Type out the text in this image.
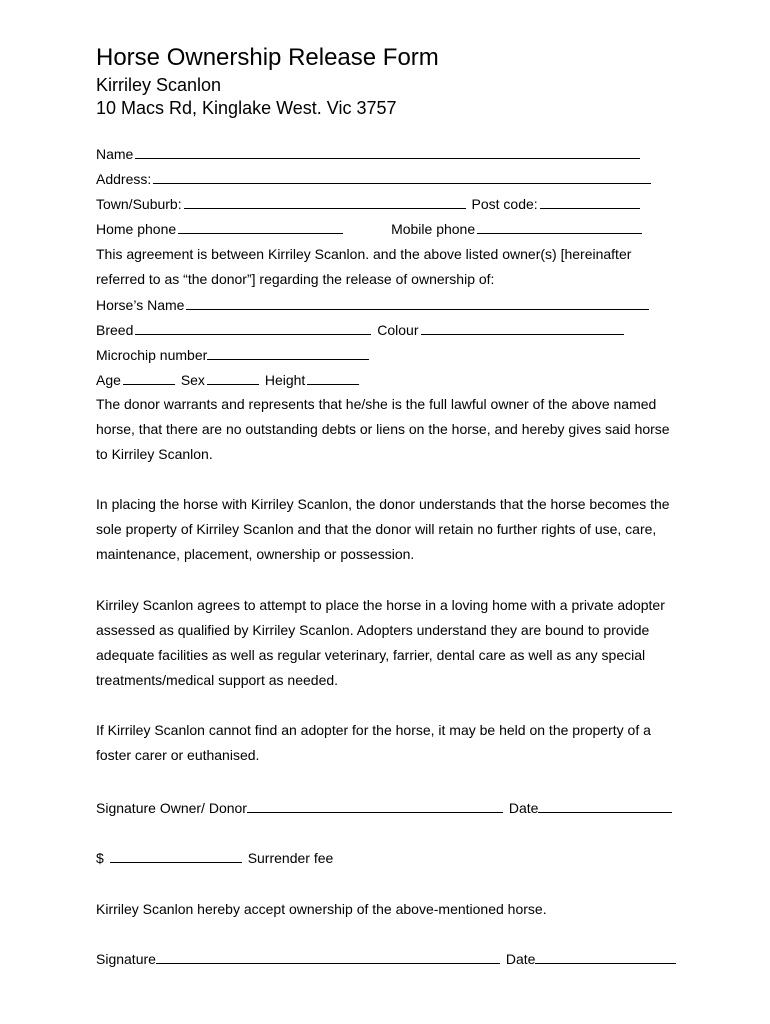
Horse Ownership Release Form
Kirriley Scanlon
10 Macs Rd, Kinglake West. Vic 3757
Name
Address:
Town/Suburb:	Post code:
Home phone	Mobile phone
This agreement is between Kirriley Scanlon. and the above listed owner(s) [hereinafter
referred to as “the donor”] regarding the release of ownership of:
Horse’s Name
Breed	Colour
Microchip number
Age	Sex	Height
The donor warrants and represents that he/she is the full lawful owner of the above named
horse, that there are no outstanding debts or liens on the horse, and hereby gives said horse
to Kirriley Scanlon.
In placing the horse with Kirriley Scanlon, the donor understands that the horse becomes the
sole property of Kirriley Scanlon and that the donor will retain no further rights of use, care,
maintenance, placement, ownership or possession.
Kirriley Scanlon agrees to attempt to place the horse in a loving home with a private adopter
assessed as qualified by Kirriley Scanlon. Adopters understand they are bound to provide
adequate facilities as well as regular veterinary, farrier, dental care as well as any special
treatments/medical support as needed.
If Kirriley Scanlon cannot find an adopter for the horse, it may be held on the property of a
foster carer or euthanised.
Signature Owner/ Donor	Date
$	Surrender fee
Kirriley Scanlon hereby accept ownership of the above-mentioned horse.
Signature	Date
